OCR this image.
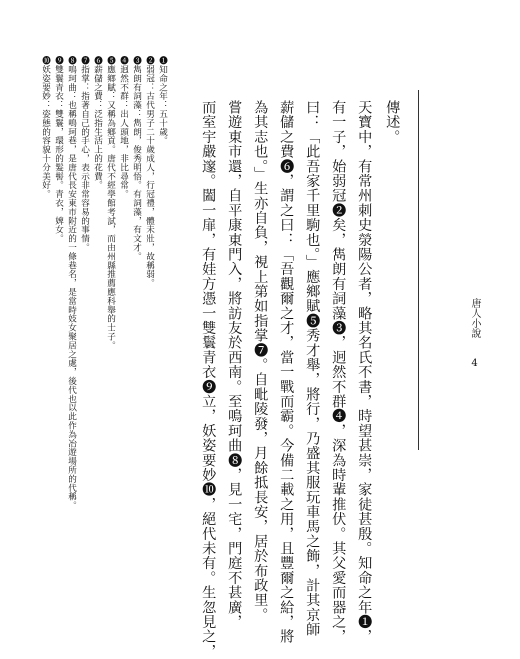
唐人小說
4
傳述。
天寶中，有常州刺史滎陽公者，略其名氏不書，時望甚崇，家徒甚殷。知命之年❶，
有一子，始弱冠❷矣，雋朗有詞藻❸，迥然不群❹，深為時輩推伏。其父愛而器之，
曰：「此吾家千里駒也。」應鄉賦❺秀才舉，將行，乃盛其服玩車馬之飾，計其京師
薪儲之費❻，謂之曰：「吾觀爾之才，當一戰而霸。今備二載之用，且豐爾之給，將
為其志也。」生亦自負，視上第如指掌❼。自毗陵發，月餘抵長安，居於布政里。
嘗遊東市還，自平康東門入，將訪友於西南。至鳴珂曲❽，見一宅，門庭不甚廣，
而室宇嚴邃。闔一扉，有娃方憑一雙鬟青衣❾立，妖姿要妙❿，絕代未有。生忽見之，
❶知命之年：五十歲。
❷弱冠：古代男子二十歲成人，行冠禮，體未壯，故稱弱。
❸雋朗有詞藻：雋朗，俊秀明悟。有詞藻，有文才。
❹迥然不群：出人頭地，非比尋常。
❺應鄉賦：又稱為鄉貢。唐代不經學館考試，而由州縣推薦應科舉的士子。
❻薪儲之費：泛指生活上的花費。
❼指掌：指著自己的手心，表示非常容易的事情。
❽鳴珂曲：也稱鳴珂巷，是唐代長安東市附近的一條巷名，是當時妓女聚居之處，後代也以此作為冶遊場所的代稱。
❾雙鬟青衣：雙鬟，環形的髮髻。青衣，婢女。
❿妖姿要妙：姿態的容貌十分美好。
